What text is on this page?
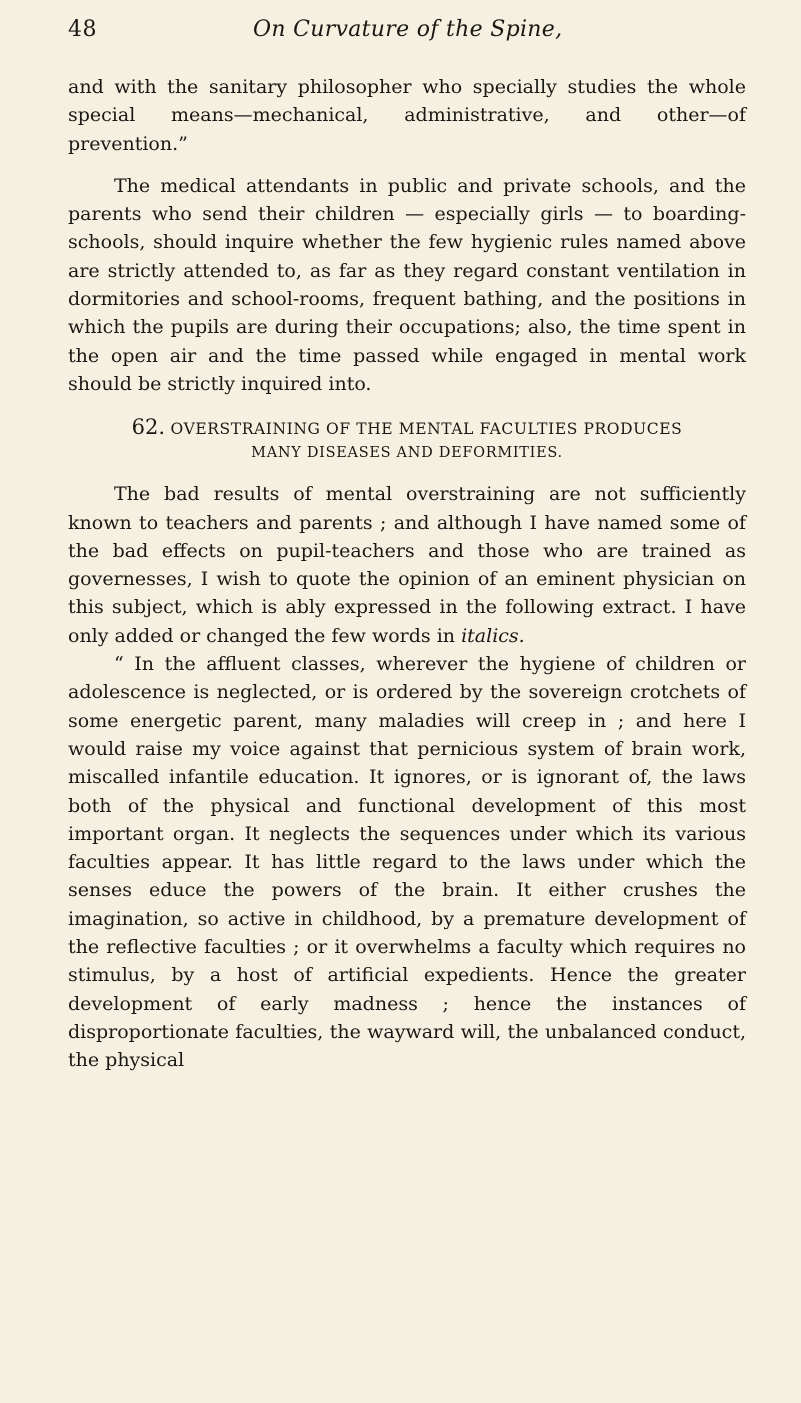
48	On Curvature of the Spine,

and with the sanitary philosopher who specially studies the whole special means—mechanical, administrative, and other—of prevention.”

The medical attendants in public and private schools, and the parents who send their children — especially girls — to boarding-schools, should inquire whether the few hygienic rules named above are strictly attended to, as far as they regard constant ventilation in dormitories and school-rooms, frequent bathing, and the positions in which the pupils are during their occupations; also, the time spent in the open air and the time passed while engaged in mental work should be strictly inquired into.

62. OVERSTRAINING OF THE MENTAL FACULTIES PRODUCES
MANY DISEASES AND DEFORMITIES.

The bad results of mental overstraining are not sufficiently known to teachers and parents ; and although I have named some of the bad effects on pupil-teachers and those who are trained as governesses, I wish to quote the opinion of an eminent physician on this subject, which is ably expressed in the following extract. I have only added or changed the few words in italics.

“ In the affluent classes, wherever the hygiene of children or adolescence is neglected, or is ordered by the sovereign crotchets of some energetic parent, many maladies will creep in ; and here I would raise my voice against that pernicious system of brain work, miscalled infantile education. It ignores, or is ignorant of, the laws both of the physical and functional development of this most important organ. It neglects the sequences under which its various faculties appear. It has little regard to the laws under which the senses educe the powers of the brain. It either crushes the imagination, so active in childhood, by a premature development of the reflective faculties ; or it overwhelms a faculty which requires no stimulus, by a host of artificial expedients. Hence the greater development of early madness ; hence the instances of disproportionate faculties, the wayward will, the unbalanced conduct, the physical
